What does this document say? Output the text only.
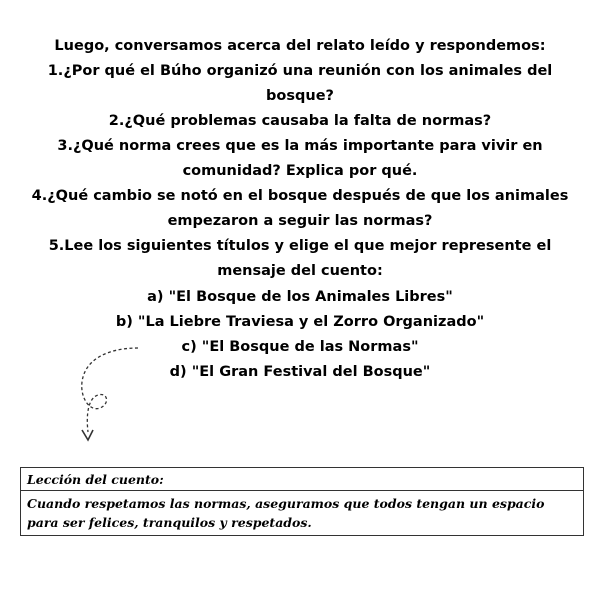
Luego, conversamos acerca del relato leído y respondemos:

1.¿Por qué el Búho organizó una reunión con los animales del bosque?

2.¿Qué problemas causaba la falta de normas?

3.¿Qué norma crees que es la más importante para vivir en comunidad? Explica por qué.

4.¿Qué cambio se notó en el bosque después de que los animales empezaron a seguir las normas?

5.Lee los siguientes títulos y elige el que mejor represente el mensaje del cuento:

a) "El Bosque de los Animales Libres"

b) "La Liebre Traviesa y el Zorro Organizado"

c) "El Bosque de las Normas"

d) "El Gran Festival del Bosque"

Lección del cuento:
Cuando respetamos las normas, aseguramos que todos tengan un espacio para ser felices, tranquilos y respetados.
